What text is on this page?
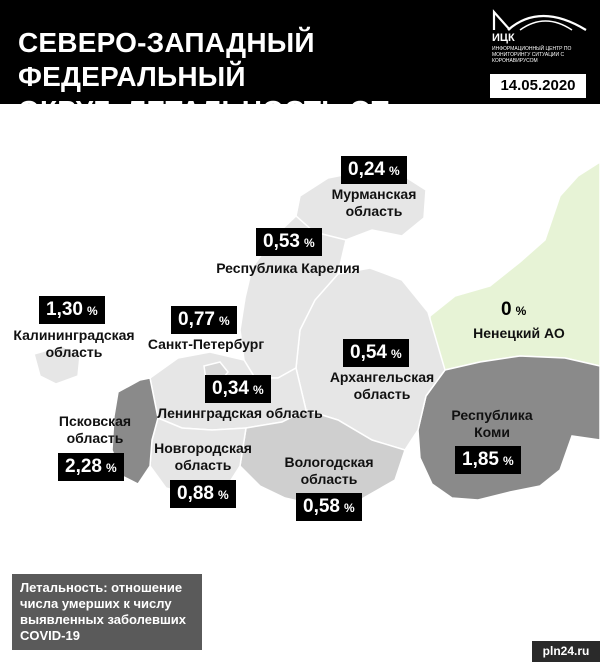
СЕВЕРО-ЗАПАДНЫЙ ФЕДЕРАЛЬНЫЙ
ОКРУГ: ЛЕТАЛЬНОСТЬ ОТ COVID-19
ИЦК
ИНФОРМАЦИОННЫЙ ЦЕНТР ПО МОНИТОРИНГУ СИТУАЦИИ С КОРОНАВИРУСОМ
14.05.2020
0,24 %
Мурманская
область
0,53 %
Республика Карелия
1,30 %
Калининградская
область
0,77 %
Санкт-Петербург
0 %
Ненецкий АО
0,54 %
Архангельская
область
0,34 %
Ленинградская область
Псковская
область
2,28 %
Республика
Коми
1,85 %
Новгородская
область
0,88 %
Вологодская
область
0,58 %
Летальность: отношение числа умерших к числу выявленных заболевших COVID-19
pln24.ru
